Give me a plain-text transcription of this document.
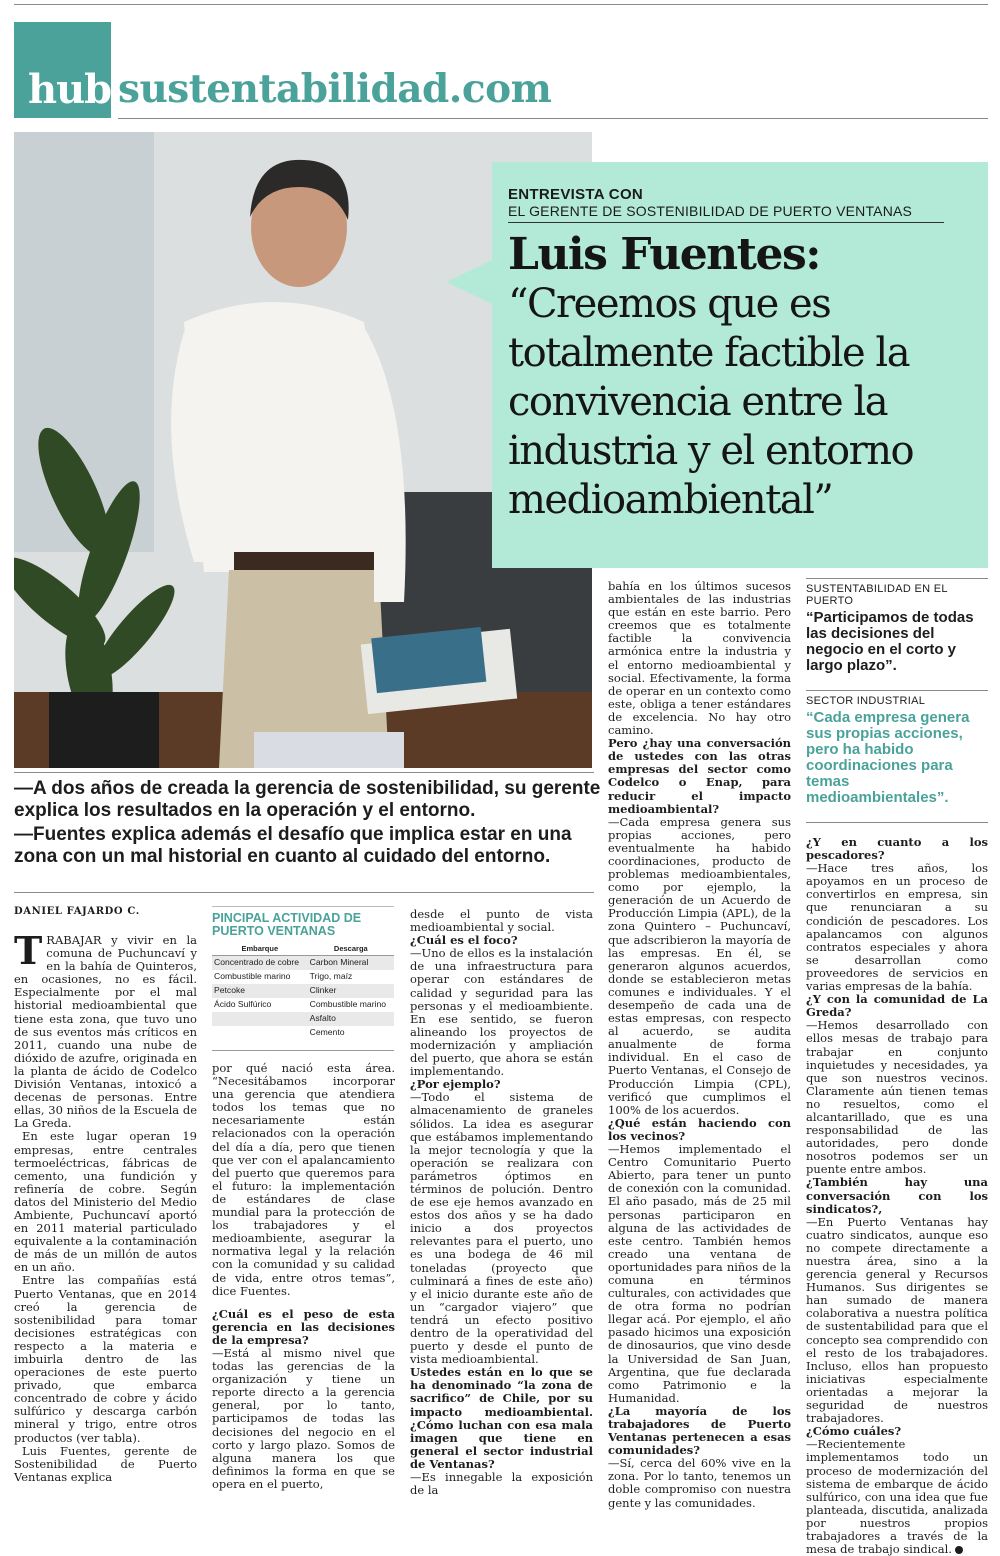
hub sustentabilidad.com
ENTREVISTA CON
EL GERENTE DE SOSTENIBILIDAD DE PUERTO VENTANAS
Luis Fuentes:
“Creemos que es totalmente factible la convivencia entre la industria y el entorno medioambiental”
—A dos años de creada la gerencia de sostenibilidad, su gerente explica los resultados en la operación y el entorno.
—Fuentes explica además el desafío que implica estar en una zona con un mal historial en cuanto al cuidado del entorno.
DANIEL FAJARDO C.

TRABAJAR y vivir en la comuna de Puchuncaví y en la bahía de Quinteros, en ocasiones, no es fácil. Especialmente por el mal historial medioambiental que tiene esta zona, que tuvo uno de sus eventos más críticos en 2011, cuando una nube de dióxido de azufre, originada en la planta de ácido de Codelco División Ventanas, intoxicó a decenas de personas. Entre ellas, 30 niños de la Escuela de La Greda.

En este lugar operan 19 empresas, entre centrales termoeléctricas, fábricas de cemento, una fundición y refinería de cobre. Según datos del Ministerio del Medio Ambiente, Puchuncaví aportó en 2011 material particulado equivalente a la contaminación de más de un millón de autos en un año.

Entre las compañías está Puerto Ventanas, que en 2014 creó la gerencia de sostenibilidad para tomar decisiones estratégicas con respecto a la materia e imbuirla dentro de las operaciones de este puerto privado, que embarca concentrado de cobre y ácido sulfúrico y descarga carbón mineral y trigo, entre otros productos (ver tabla).

Luis Fuentes, gerente de Sostenibilidad de Puerto Ventanas explica

PINCIPAL ACTIVIDAD DE PUERTO VENTANAS
Embarque	Descarga
Concentrado de cobre	Carbon Mineral
Combustible marino	Trigo, maíz
Petcoke	Clinker
Ácido Sulfúrico	Combustible marino
	Asfalto
	Cemento

por qué nació esta área. “Necesitábamos incorporar una gerencia que atendiera todos los temas que no necesariamente están relacionados con la operación del día a día, pero que tienen que ver con el apalancamiento del puerto que queremos para el futuro: la implementación de estándares de clase mundial para la protección de los trabajadores y el medioambiente, asegurar la normativa legal y la relación con la comunidad y su calidad de vida, entre otros temas”, dice Fuentes.

¿Cuál es el peso de esta gerencia en las decisiones de la empresa?

—Está al mismo nivel que todas las gerencias de la organización y tiene un reporte directo a la gerencia general, por lo tanto, participamos de todas las decisiones del negocio en el corto y largo plazo. Somos de alguna manera los que definimos la forma en que se opera en el puerto,

desde el punto de vista medioambiental y social.

¿Cuál es el foco?

—Uno de ellos es la instalación de una infraestructura para operar con estándares de calidad y seguridad para las personas y el medioambiente. En ese sentido, se fueron alineando los proyectos de modernización y ampliación del puerto, que ahora se están implementando.

¿Por ejemplo?

—Todo el sistema de almacenamiento de graneles sólidos. La idea es asegurar que estábamos implementando la mejor tecnología y que la operación se realizara con parámetros óptimos en términos de polución. Dentro de ese eje hemos avanzado en estos dos años y se ha dado inicio a dos proyectos relevantes para el puerto, uno es una bodega de 46 mil toneladas (proyecto que culminará a fines de este año) y el inicio durante este año de un “cargador viajero” que tendrá un efecto positivo dentro de la operatividad del puerto y desde el punto de vista medioambiental.

Ustedes están en lo que se ha denominado “la zona de sacrifico” de Chile, por su impacto medioambiental. ¿Cómo luchan con esa mala imagen que tiene en general el sector industrial de Ventanas?

—Es innegable la exposición de la

bahía en los últimos sucesos ambientales de las industrias que están en este barrio. Pero creemos que es totalmente factible la convivencia armónica entre la industria y el entorno medioambiental y social. Efectivamente, la forma de operar en un contexto como este, obliga a tener estándares de excelencia. No hay otro camino.

Pero ¿hay una conversación de ustedes con las otras empresas del sector como Codelco o Enap, para reducir el impacto medioambiental?

—Cada empresa genera sus propias acciones, pero eventualmente ha habido coordinaciones, producto de problemas medioambientales, como por ejemplo, la generación de un Acuerdo de Producción Limpia (APL), de la zona Quintero – Puchuncaví, que adscribieron la mayoría de las empresas. En él, se generaron algunos acuerdos, donde se establecieron metas comunes e individuales. Y el desempeño de cada una de estas empresas, con respecto al acuerdo, se audita anualmente de forma individual. En el caso de Puerto Ventanas, el Consejo de Producción Limpia (CPL), verificó que cumplimos el 100% de los acuerdos.

¿Qué están haciendo con los vecinos?

—Hemos implementado el Centro Comunitario Puerto Abierto, para tener un punto de conexión con la comunidad. El año pasado, más de 25 mil personas participaron en alguna de las actividades de este centro. También hemos creado una ventana de oportunidades para niños de la comuna en términos culturales, con actividades que de otra forma no podrían llegar acá. Por ejemplo, el año pasado hicimos una exposición de dinosaurios, que vino desde la Universidad de San Juan, Argentina, que fue declarada como Patrimonio e la Humanidad.

¿La mayoría de los trabajadores de Puerto Ventanas pertenecen a esas comunidades?

—Sí, cerca del 60% vive en la zona. Por lo tanto, tenemos un doble compromiso con nuestra gente y las comunidades.

SUSTENTABILIDAD EN EL PUERTO
“Participamos de todas las decisiones del negocio en el corto y largo plazo”.
SECTOR INDUSTRIAL
“Cada empresa genera sus propias acciones, pero ha habido coordinaciones para temas medioambientales”.

¿Y en cuanto a los pescadores?

—Hace tres años, los apoyamos en un proceso de convertirlos en empresa, sin que renunciaran a su condición de pescadores. Los apalancamos con algunos contratos especiales y ahora se desarrollan como proveedores de servicios en varias empresas de la bahía.

¿Y con la comunidad de La Greda?

—Hemos desarrollado con ellos mesas de trabajo para trabajar en conjunto inquietudes y necesidades, ya que son nuestros vecinos. Claramente aún tienen temas no resueltos, como el alcantarillado, que es una responsabilidad de las autoridades, pero donde nosotros podemos ser un puente entre ambos.

¿También hay una conversación con los sindicatos?,

—En Puerto Ventanas hay cuatro sindicatos, aunque eso no compete directamente a nuestra área, sino a la gerencia general y Recursos Humanos. Sus dirigentes se han sumado de manera colaborativa a nuestra política de sustentabilidad para que el concepto sea comprendido con el resto de los trabajadores. Incluso, ellos han propuesto iniciativas especialmente orientadas a mejorar la seguridad de nuestros trabajadores.

¿Cómo cuáles?

—Recientemente implementamos todo un proceso de modernización del sistema de embarque de ácido sulfúrico, con una idea que fue planteada, discutida, analizada por nuestros propios trabajadores a través de la mesa de trabajo sindical.
